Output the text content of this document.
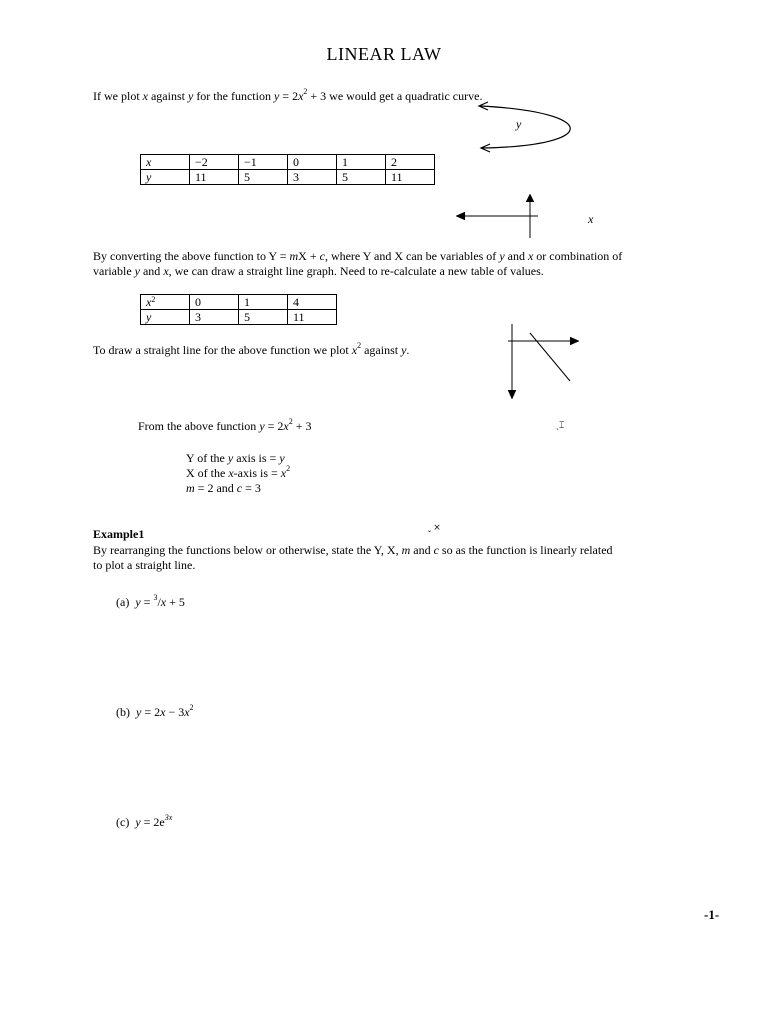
LINEAR LAW
If we plot x against y for the function $y = 2x^2 + 3$ we would get a quadratic curve.
y
x	−2	−1	0	1	2
y	11	5	3	5	11
x
By converting the above function to Y = mX + c, where Y and X can be variables of y and x or combination of
variable y and x, we can draw a straight line graph. Need to re-calculate a new table of values.
$x^2$	0	1	4
y	3	5	11
To draw a straight line for the above function we plot $x^2$ against y.
From the above function $y = 2x^2 + 3$	ˎ⌶
Y of the y axis is = y
X of the x-axis is = $x^2$
m = 2 and c = 3
Example1	ˬ ⨯
By rearranging the functions below or otherwise, state the Y, X, m and c so as the function is linearly related
to plot a straight line.
(a) y = $^3$/x + 5
(b) $y = 2x - 3x^2$
(c) $y = 2e^{3x}$
-1-
